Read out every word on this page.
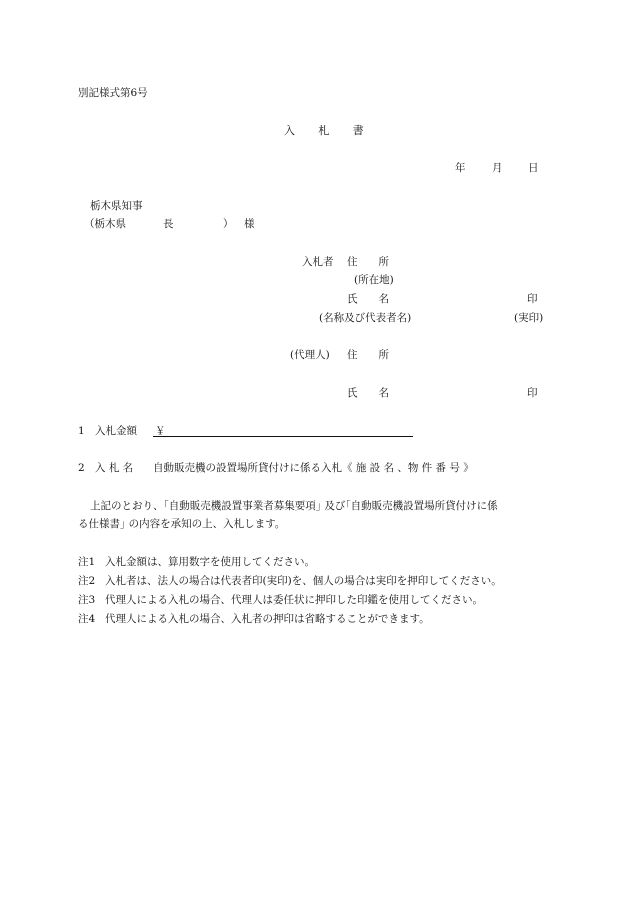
別記様式第6号
入 札 書
年	月 日
栃木県知事
（栃木県	長	） 様
入札者 住　　所
(所在地)
氏　　名	印
(名称及び代表者名)	(実印)
(代理人) 住　　所
氏　　名	印
1 入札金額 ￥
2 入 札 名 自動販売機の設置場所貸付けに係る入札《 施 設 名 、物 件 番 号 》
上記のとおり、｢自動販売機設置事業者募集要項｣ 及び｢自動販売機設置場所貸付けに係
る仕様書｣ の内容を承知の上、入札します。
注1 入札金額は、算用数字を使用してください。
注2 入札者は、法人の場合は代表者印(実印)を、個人の場合は実印を押印してください。
注3 代理人による入札の場合、代理人は委任状に押印した印鑑を使用してください。
注4 代理人による入札の場合、入札者の押印は省略することができます。
